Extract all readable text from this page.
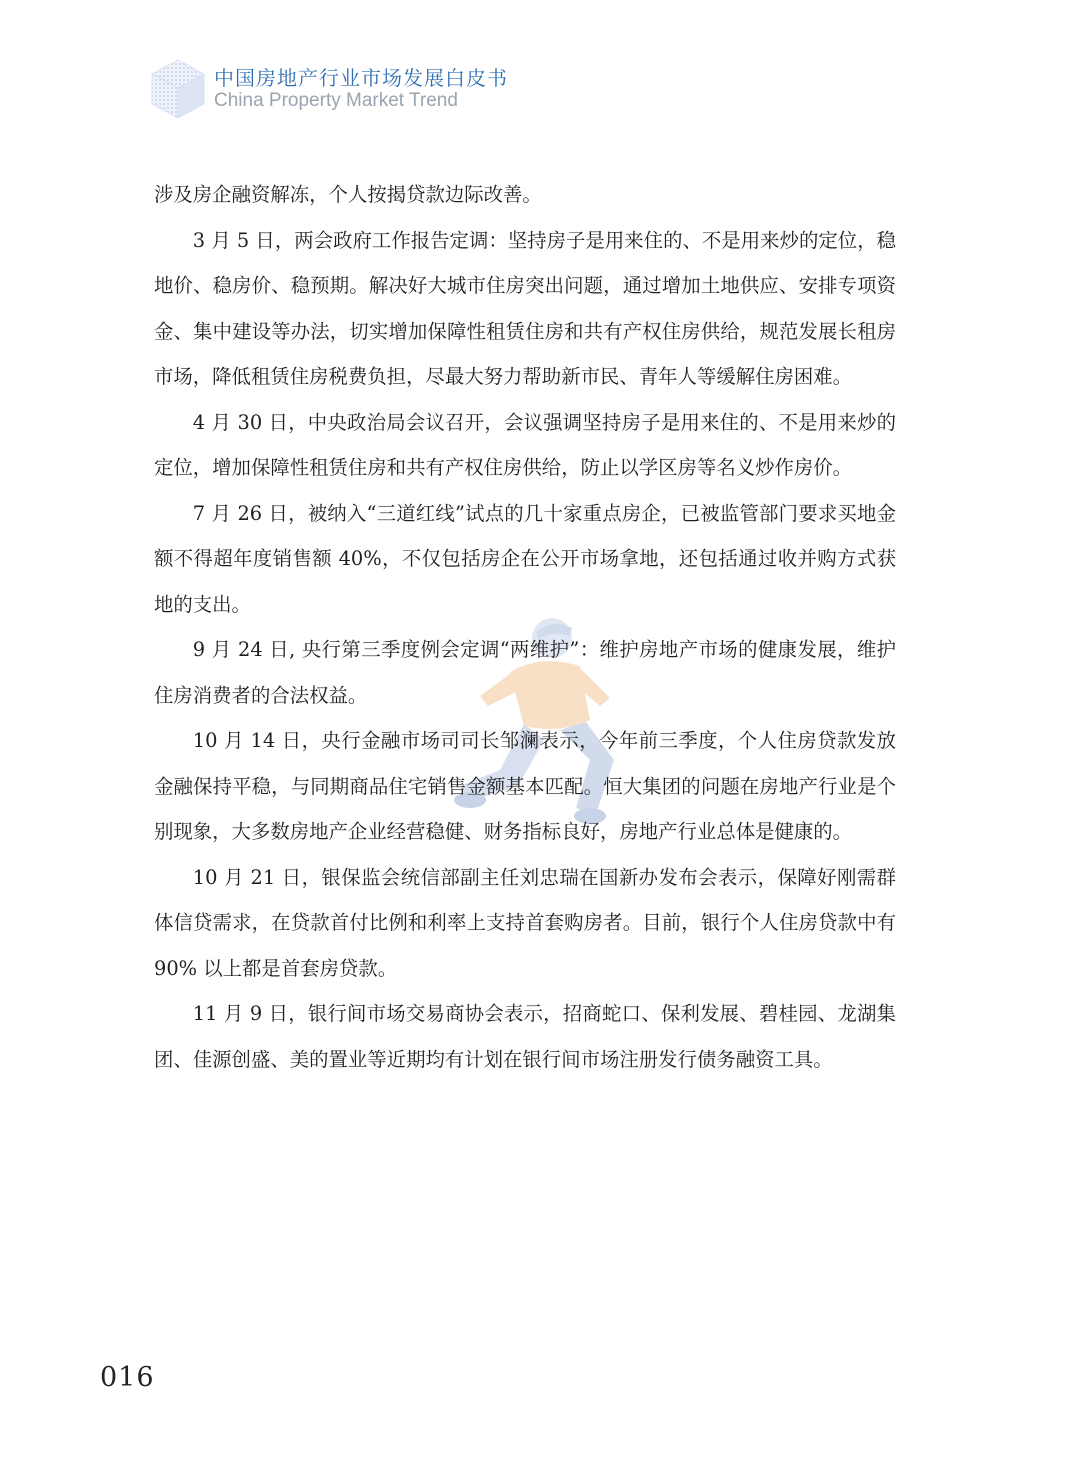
中国房地产行业市场发展白皮书
China Property Market Trend

涉及房企融资解冻，个人按揭贷款边际改善。

3 月 5 日，两会政府工作报告定调：坚持房子是用来住的、不是用来炒的定位，稳地价、稳房价、稳预期。解决好大城市住房突出问题，通过增加土地供应、安排专项资金、集中建设等办法，切实增加保障性租赁住房和共有产权住房供给，规范发展长租房市场，降低租赁住房税费负担，尽最大努力帮助新市民、青年人等缓解住房困难。

4 月 30 日，中央政治局会议召开，会议强调坚持房子是用来住的、不是用来炒的定位，增加保障性租赁住房和共有产权住房供给，防止以学区房等名义炒作房价。

7 月 26 日，被纳入“三道红线”试点的几十家重点房企，已被监管部门要求买地金额不得超年度销售额 40%，不仅包括房企在公开市场拿地，还包括通过收并购方式获地的支出。

9 月 24 日, 央行第三季度例会定调“两维护”：维护房地产市场的健康发展，维护住房消费者的合法权益。

10 月 14 日，央行金融市场司司长邹澜表示，今年前三季度，个人住房贷款发放金融保持平稳，与同期商品住宅销售金额基本匹配。恒大集团的问题在房地产行业是个别现象，大多数房地产企业经营稳健、财务指标良好，房地产行业总体是健康的。

10 月 21 日，银保监会统信部副主任刘忠瑞在国新办发布会表示，保障好刚需群体信贷需求，在贷款首付比例和利率上支持首套购房者。目前，银行个人住房贷款中有 90% 以上都是首套房贷款。

11 月 9 日，银行间市场交易商协会表示，招商蛇口、保利发展、碧桂园、龙湖集团、佳源创盛、美的置业等近期均有计划在银行间市场注册发行债务融资工具。

016
